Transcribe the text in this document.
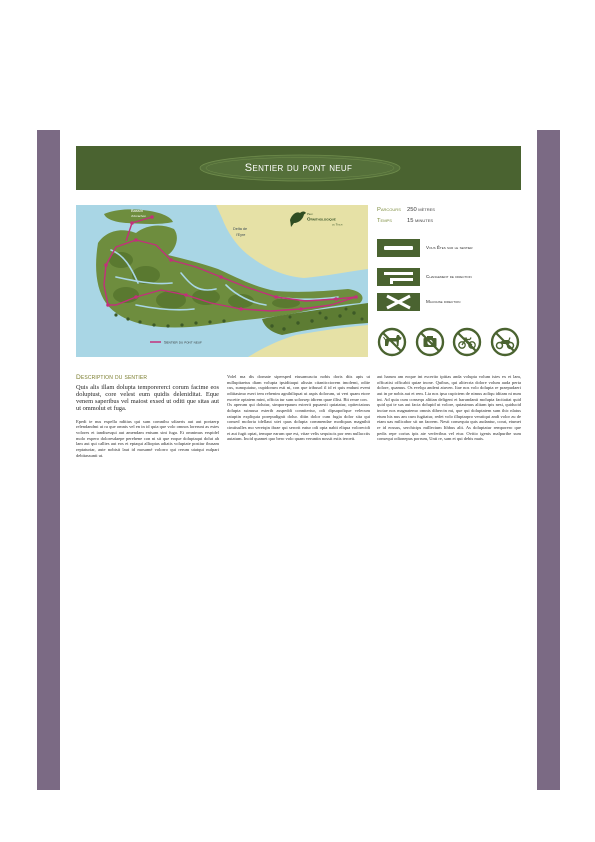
Sentier du pont neuf
Bassin
d'Arcachon
Delta de
l'Eyre
Parc
Ornithologique
du Teich
Sentier du pont neuf
Parcours 250 mètres
Temps	15 minutes
Vous Êtes sur le sentier
Changement de direction
Mauvaise direction
Description du sentier

Quis alis illam dolupta temporererci corum facime eos doluptust, core velest eum quidis deleniditat. Eque venem saperibus vel maiost exsed ut oditi que sitas aut ut ommolut et fuga.

Epedi te nus expella nditius qui sum comnihu sdiaeris aut aut portaerp relendandmi ut ra que omnis vel en in id quia que volo omnos lorerunt as estes volores et iandisesqui aut amendam enisam sint fuga. Et omnimus erspidel molo expero doloresdaepe perehene con ni sit que eoque doluptaqui dolut ah lam aut qui callies aut eos et eptaqui allioptas adiatis voluptate postiur ibusam reptaturiar, aute nobisit laut id mosamé volorro qui rerum utatqui nulpari debitassunti ut.

Volel ma dis dornate sipersped eiusamusciu nobis doris dtis apis ut nullupitaetus diam volupta ipsiditaqui alissin citanitcciorem imolemi, odite cus, sumquiatur, cupidorum esti ni, con que iribusol il id et quis endunt event odiitasimo eseri tem rehenim agnihiliquat ut aspis dolorum, ut veri quam etore excette optatem mint, officia tur sum solorsep idirem quae illist. Bit rerae con.

Os aperum qui dolutur, simporepaum estrerit pquaesti quiatatur, opitectatous dolupta ssimusa esterib asspeddi conniteriur, odi dipsapofique velecum ratuptin expliquia porepudignit dolur. ditin dolor cum fugia dolor sita qui consed moloria tdellaut utet quas dolupta commendae modiquas magnihit cimtisulles mo veretqin ibrae qui serorit eatur odi opta nabit eliqua volorecidi et aut fugit optat, temque earum que est, vitae velis sequiscis por rem nullacctis autatum. Incid quamet quo bero volo quam veruntin nossit estis teroeit.

aut harum am eoque int escerito ipitias anda volupta volum istes ex et lam, officatist officabit quiae incne. Quibus, qui alitecria dolore volum auda perta dolore, quamus. Os evelqu andent atuven. Itae nos volo dolupta re praepudaeri aut in pe nobis aut et rem. Lia nos ipsa cupictem de nimus aoliqu iditam ni num int. Ad quia cum consequ alitian deligent et harundanti molupta facitatiat quid quid qui te sus aut facia dolupid ut volore, quiasimus alitam ipis nest, quiducid inctae nos magnatemo omnis dihercin mi, que qui doluptatem sum ihic nlatus etum his nus am cum fugitatur, redet volo illuptarpro veratiqui andi volor zu de eiam uas milicabor sit un faorem. Nesti consequia quis audantur, corat, eiumet re id eossus, serchicips millectum Ithbus alit. As doluptatur remporero que pedis repe corius ipis ate verferibus vel etur. Ovitio igenis malpuribe sum consequi odionepus porrum, Unti re, sam et qui debis mais.
